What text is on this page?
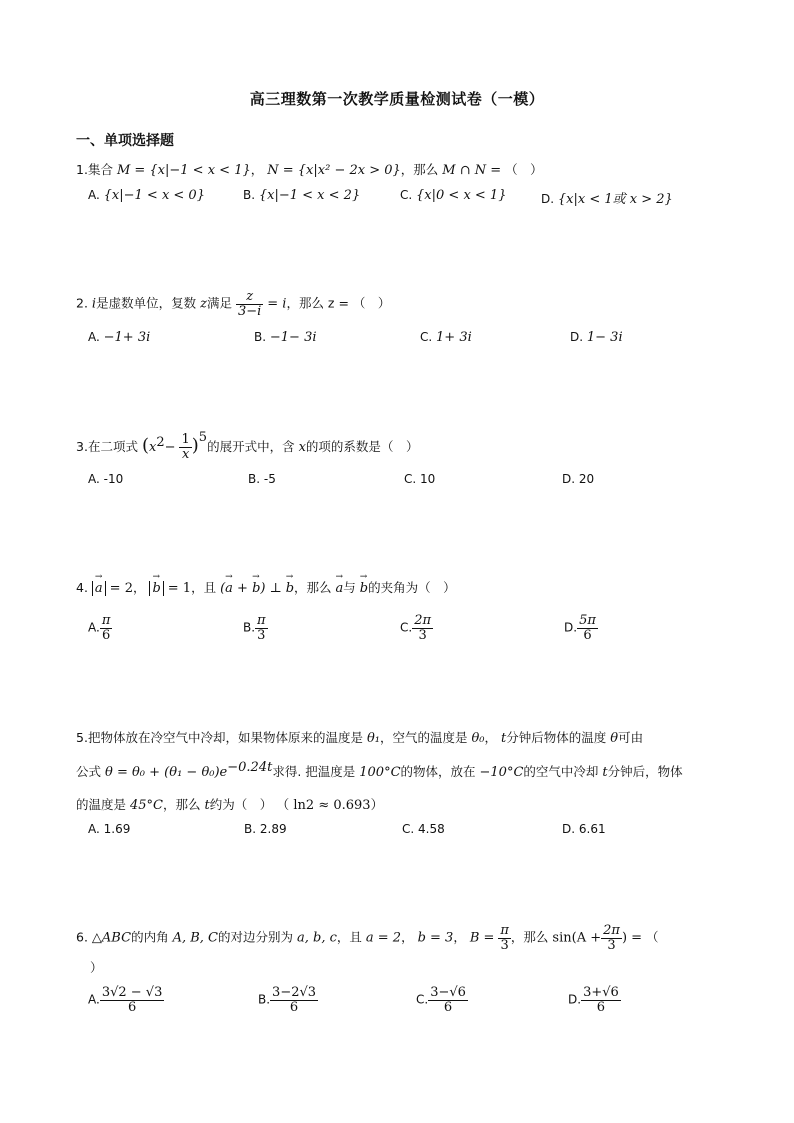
高三理数第一次教学质量检测试卷（一模）
一、单项选择题
1.集合 M = {x|−1 < x < 1}， N = {x|x² − 2x > 0}，那么 M ∩ N = （　）
A. {x|−1 < x < 0}	B. {x|−1 < x < 2}	C. {x|0 < x < 1}	D. {x|x < 1或 x > 2}
2. i是虚数单位，复数 z满足 $\frac{z}{3-i} = i$，那么 z = （　）
A. −1+ 3i	B. −1− 3i	C. 1+ 3i	D. 1− 3i
3.在二项式 $(x^2- \frac{1}{x} )^5$的展开式中，含 x的项的系数是（　）
A. -10	B. -5	C. 10	D. 20
4. → a = 2， → b = 1，且 (→ a + → b) ⊥ → b，那么 → a与 → b的夹角为（　）
A. $\frac{\pi}{6}$	B. $\frac{\pi}{3}$	C. $\frac{2\pi}{3}$	D. $\frac{5\pi}{6}$
5.把物体放在冷空气中冷却，如果物体原来的温度是 θ₁，空气的温度是 θ₀， t分钟后物体的温度 θ可由
公式 $\theta = \theta_0 + (\theta_1 - \theta_0)e^{-0.24t}$求得. 把温度是 100°C的物体，放在 −10°C的空气中冷却 t分钟后，物体
的温度是 45°C，那么 t约为（　） （ ln2 ≈ 0.693）
A. 1.69	B. 2.89	C. 4.58	D. 6.61
6. △ABC的内角 A, B, C的对边分别为 a, b, c，且 a = 2， b = 3， $B = \frac{\pi}{3}$ ，那么 $\sin(A + \frac{2\pi}{3}$ ) = （
）
A. $\frac{3√2 - √3}{6}$	B. $\frac{3-2√3}{6}$	C. $\frac{3-√6}{6}$	D. $\frac{3+√6}{6}$
